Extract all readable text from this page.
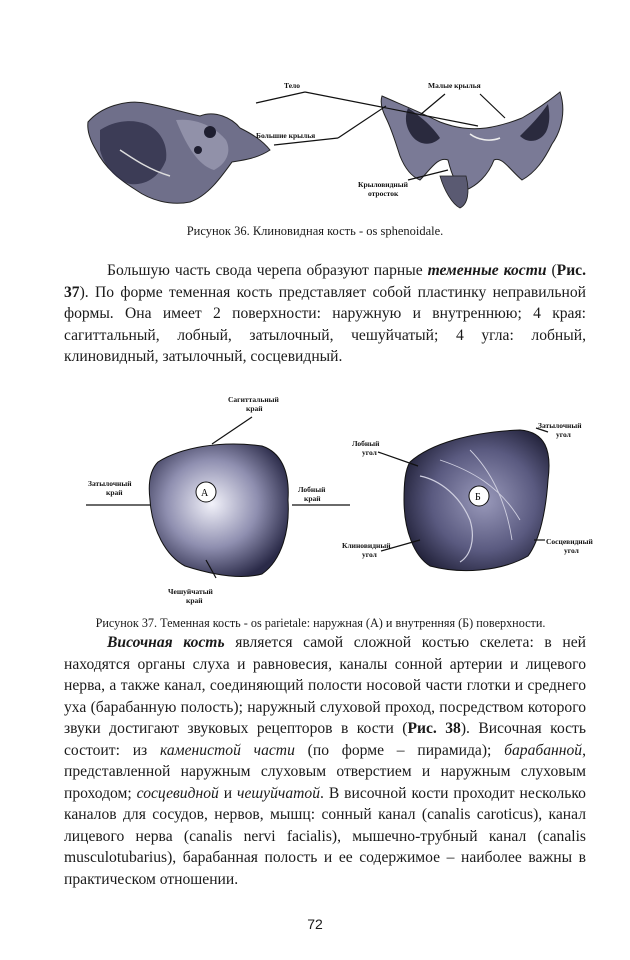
Тело	Малые крылья
Большие крылья
Крыловидный
отросток
Рисунок 36. Клиновидная кость - os sphenoidale.

Большую часть свода черепа образуют парные теменные кости (Рис. 37). По форме теменная кость представляет собой пластинку неправильной формы. Она имеет 2 поверхности: наружную и внутреннюю; 4 края: сагиттальный, лобный, затылочный, чешуйчатый; 4 угла: лобный, клиновидный, затылочный, сосцевидный.

А	Б
Сагиттальный
край
Затылочный
край	Лобный
край
Чешуйчатый
край
Лобный
угол
Затылочный
угол
Клиновидный
угол
Сосцевидный
угол
Рисунок 37. Теменная кость - os parietale: наружная (А) и внутренняя (Б) поверхности.

Височная кость является самой сложной костью скелета: в ней находятся органы слуха и равновесия, каналы сонной артерии и лицевого нерва, а также канал, соединяющий полости носовой части глотки и среднего уха (барабанную полость); наружный слуховой проход, посредством которого звуки достигают звуковых рецепторов в кости (Рис. 38). Височная кость состоит: из каменистой части (по форме – пирамида); барабанной, представленной наружным слуховым отверстием и наружным слуховым проходом; сосцевидной и чешуйчатой. В височной кости проходит несколько каналов для сосудов, нервов, мышц: сонный канал (canalis caroticus), канал лицевого нерва (canalis nervi facialis), мышечно-трубный канал (canalis musculotubarius), барабанная полость и ее содержимое – наиболее важны в практическом отношении.

72
